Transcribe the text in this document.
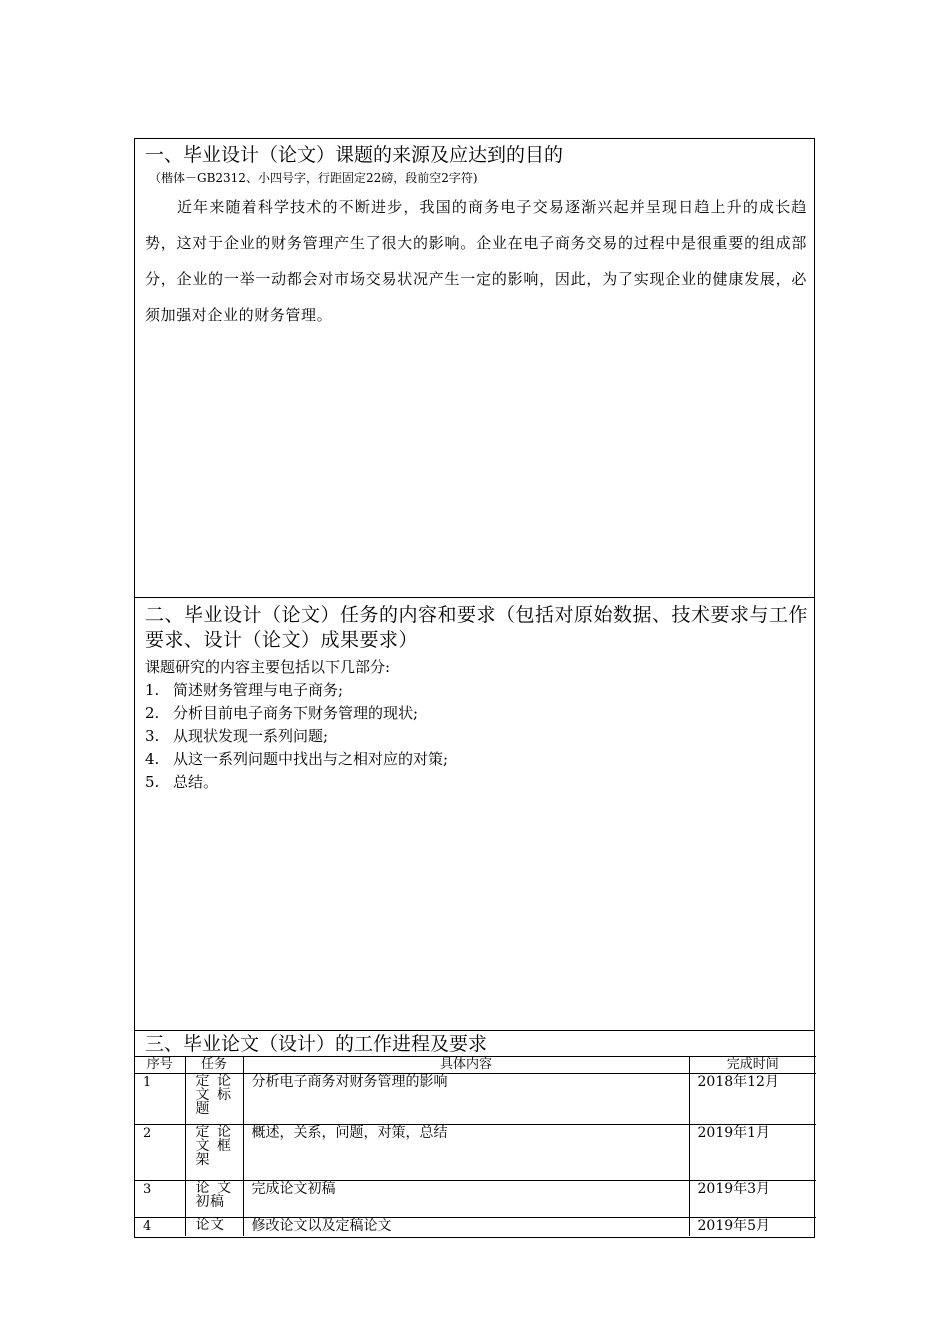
一、毕业设计（论文）课题的来源及应达到的目的
（楷体－GB2312、小四号字，行距固定22磅，段前空2字符)

近年来随着科学技术的不断进步，我国的商务电子交易逐渐兴起并呈现日趋上升的成长趋势，这对于企业的财务管理产生了很大的影响。企业在电子商务交易的过程中是很重要的组成部分，企业的一举一动都会对市场交易状况产生一定的影响，因此，为了实现企业的健康发展，必须加强对企业的财务管理。

二、毕业设计（论文）任务的内容和要求（包括对原始数据、技术要求与工作要求、设计（论文）成果要求）

课题研究的内容主要包括以下几部分:
1. 简述财务管理与电子商务;
2. 分析目前电子商务下财务管理的现状;
3. 从现状发现一系列问题;
4. 从这一系列问题中找出与之相对应的对策;
5. 总结。
三、毕业论文（设计）的工作进程及要求
序号	任务	具体内容	完成时间
1	定论文标题	分析电子商务对财务管理的影响	2018年12月
2	定论文框架	概述，关系，问题，对策，总结	2019年1月
3	论文初稿	完成论文初稿	2019年3月
4	论文	修改论文以及定稿论文	2019年5月
